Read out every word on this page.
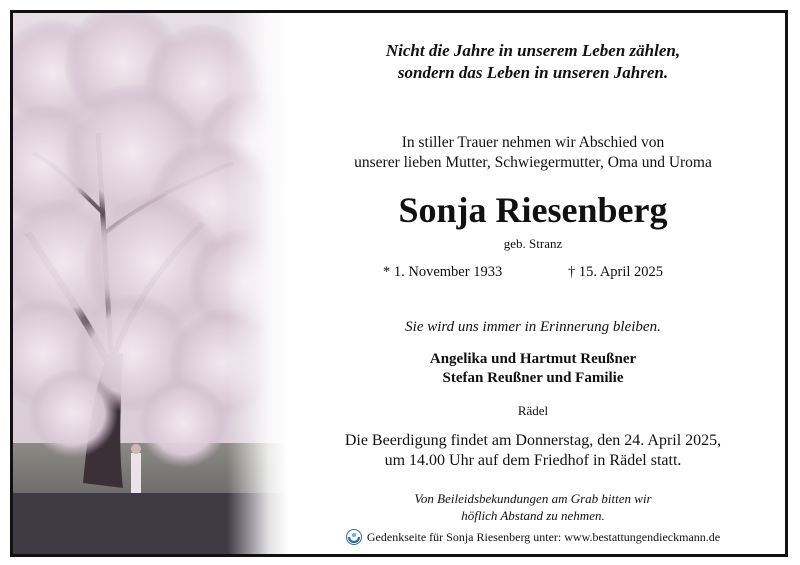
Nicht die Jahre in unserem Leben zählen,
sondern das Leben in unseren Jahren.
In stiller Trauer nehmen wir Abschied von
unserer lieben Mutter, Schwiegermutter, Oma und Uroma
Sonja Riesenberg
geb. Stranz
* 1. November 1933	† 15. April 2025
Sie wird uns immer in Erinnerung bleiben.
Angelika und Hartmut Reußner
Stefan Reußner und Familie
Rädel
Die Beerdigung findet am Donnerstag, den 24. April 2025,
um 14.00 Uhr auf dem Friedhof in Rädel statt.
Von Beileidsbekundungen am Grab bitten wir
höflich Abstand zu nehmen.
Gedenkseite für Sonja Riesenberg unter: www.bestattungendieckmann.de
